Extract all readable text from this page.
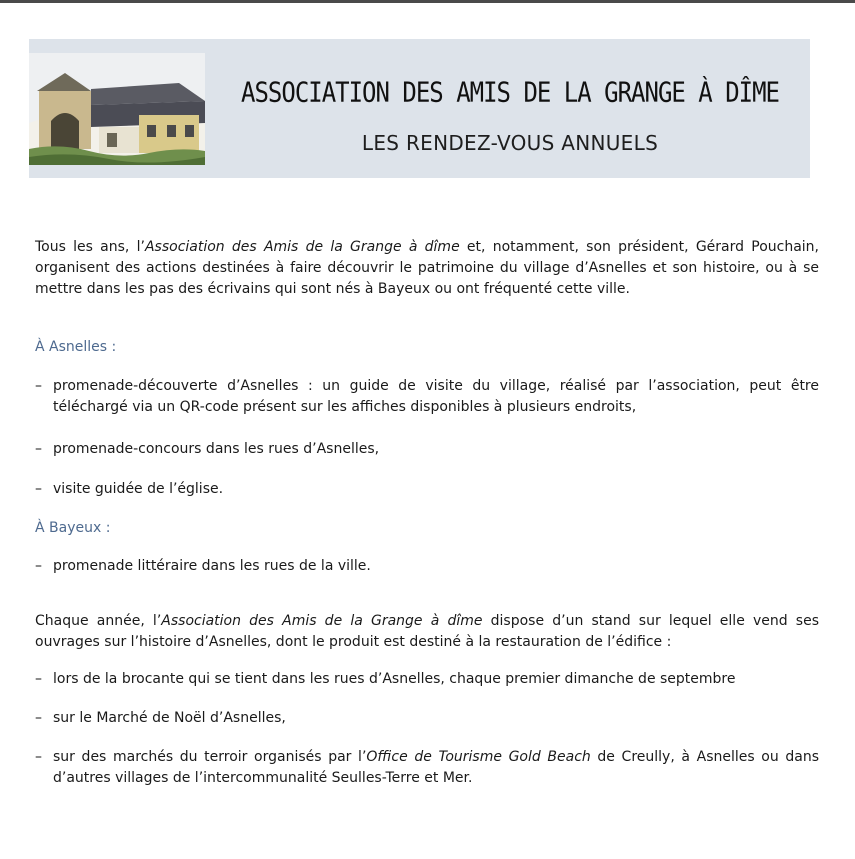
ASSOCIATION DES AMIS DE LA GRANGE À DÎME
LES RENDEZ-VOUS ANNUELS

Tous les ans, l’Association des Amis de la Grange à dîme et, notamment, son président, Gérard Pouchain, organisent des actions destinées à faire découvrir le patrimoine du village d’Asnelles et son histoire, ou à se mettre dans les pas des écrivains qui sont nés à Bayeux ou ont fréquenté cette ville.

À Asnelles :

– promenade-découverte d’Asnelles : un guide de visite du village, réalisé par l’association, peut être téléchargé via un QR-code présent sur les affiches disponibles à plusieurs endroits,
– promenade-concours dans les rues d’Asnelles,
– visite guidée de l’église.

À Bayeux :

– promenade littéraire dans les rues de la ville.

Chaque année, l’Association des Amis de la Grange à dîme dispose d’un stand sur lequel elle vend ses ouvrages sur l’histoire d’Asnelles, dont le produit est destiné à la restauration de l’édifice :

– lors de la brocante qui se tient dans les rues d’Asnelles, chaque premier dimanche de septembre
– sur le Marché de Noël d’Asnelles,
– sur des marchés du terroir organisés par l’Office de Tourisme Gold Beach de Creully, à Asnelles ou dans d’autres villages de l’intercommunalité Seulles-Terre et Mer.
